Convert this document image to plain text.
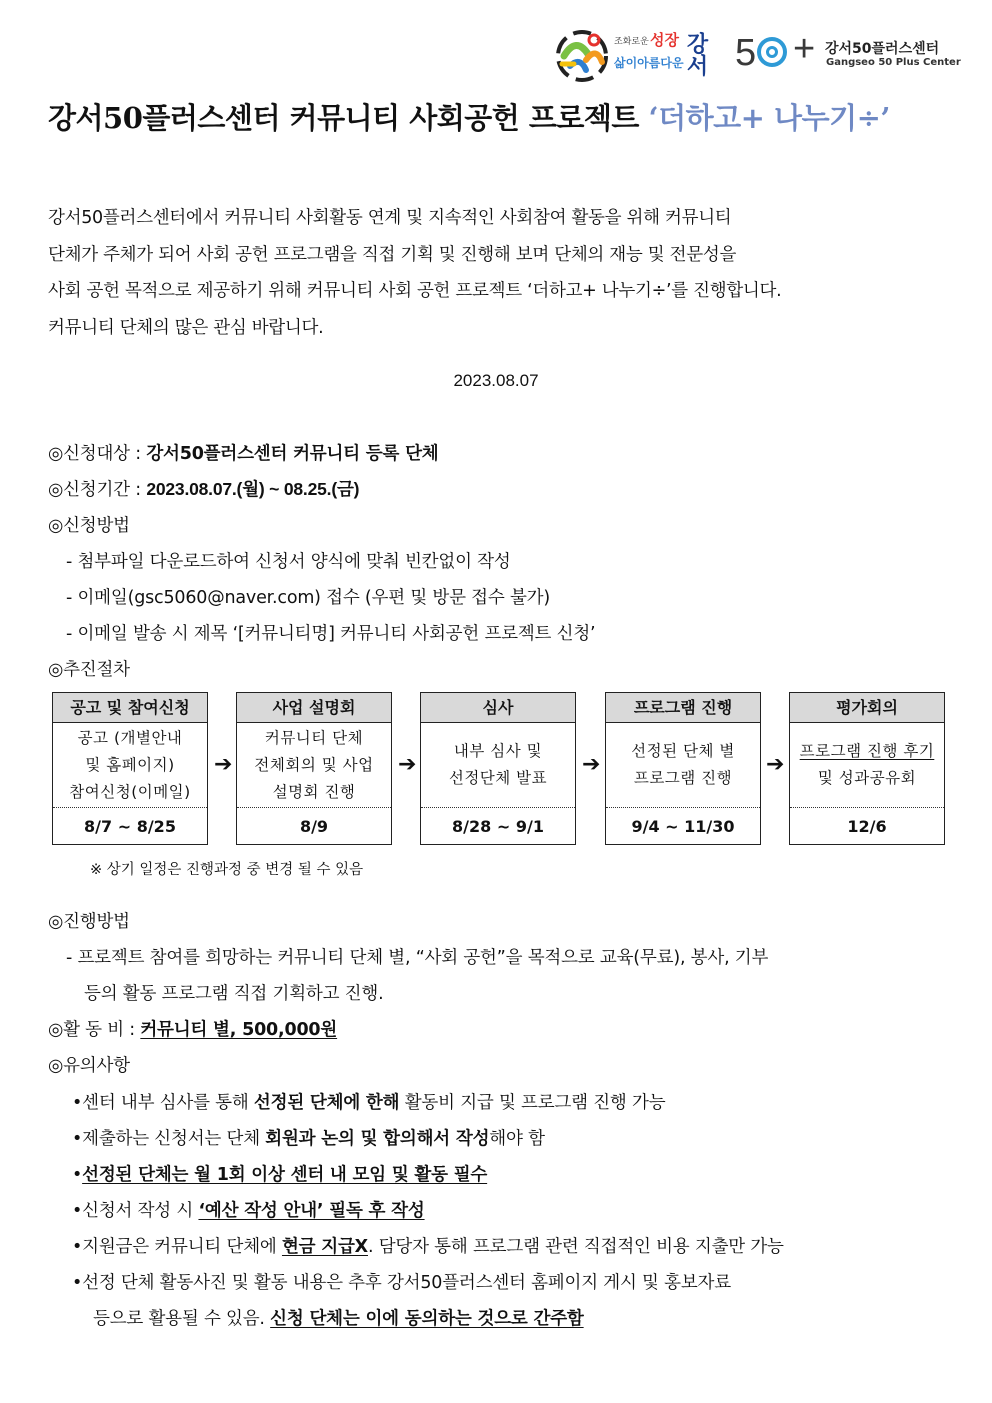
조화로운 성장
삶이아름다운 강서 5 + 강서50플러스센터
Gangseo 50 Plus Center
강서50플러스센터 커뮤니티 사회공헌 프로젝트 ‘더하고+ 나누기÷’
강서50플러스센터에서 커뮤니티 사회활동 연계 및 지속적인 사회참여 활동을 위해 커뮤니티
단체가 주체가 되어 사회 공헌 프로그램을 직접 기획 및 진행해 보며 단체의 재능 및 전문성을
사회 공헌 목적으로 제공하기 위해 커뮤니티 사회 공헌 프로젝트 ‘더하고+ 나누기÷’를 진행합니다.
커뮤니티 단체의 많은 관심 바랍니다.
2023.08.07
◎신청대상 : 강서50플러스센터 커뮤니티 등록 단체
◎신청기간 : 2023.08.07.(월) ~ 08.25.(금)
◎신청방법
- 첨부파일 다운로드하여 신청서 양식에 맞춰 빈칸없이 작성
- 이메일(gsc5060@naver.com) 접수 (우편 및 방문 접수 불가)
- 이메일 발송 시 제목 ‘[커뮤니티명] 커뮤니티 사회공헌 프로젝트 신청’
◎추진절차
공고 및 참여신청
공고 (개별안내
및 홈페이지)
참여신청(이메일)
8/7 ~ 8/25
➔
사업 설명회
커뮤니티 단체
전체회의 및 사업
설명회 진행
8/9
➔
심사
내부 심사 및
선정단체 발표
8/28 ~ 9/1
➔
프로그램 진행
선정된 단체 별
프로그램 진행
9/4 ~ 11/30
➔
평가회의
프로그램 진행 후기
및 성과공유회
12/6
※ 상기 일정은 진행과정 중 변경 될 수 있음
◎진행방법
- 프로젝트 참여를 희망하는 커뮤니티 단체 별, “사회 공헌”을 목적으로 교육(무료), 봉사, 기부
등의 활동 프로그램 직접 기획하고 진행.
◎활 동 비 : 커뮤니티 별, 500,000원
◎유의사항
•센터 내부 심사를 통해 선정된 단체에 한해 활동비 지급 및 프로그램 진행 가능
•제출하는 신청서는 단체 회원과 논의 및 합의해서 작성해야 함
•선정된 단체는 월 1회 이상 센터 내 모임 및 활동 필수
•신청서 작성 시 ‘예산 작성 안내’ 필독 후 작성
•지원금은 커뮤니티 단체에 현금 지급X. 담당자 통해 프로그램 관련 직접적인 비용 지출만 가능
•선정 단체 활동사진 및 활동 내용은 추후 강서50플러스센터 홈페이지 게시 및 홍보자료
등으로 활용될 수 있음. 신청 단체는 이에 동의하는 것으로 간주함
